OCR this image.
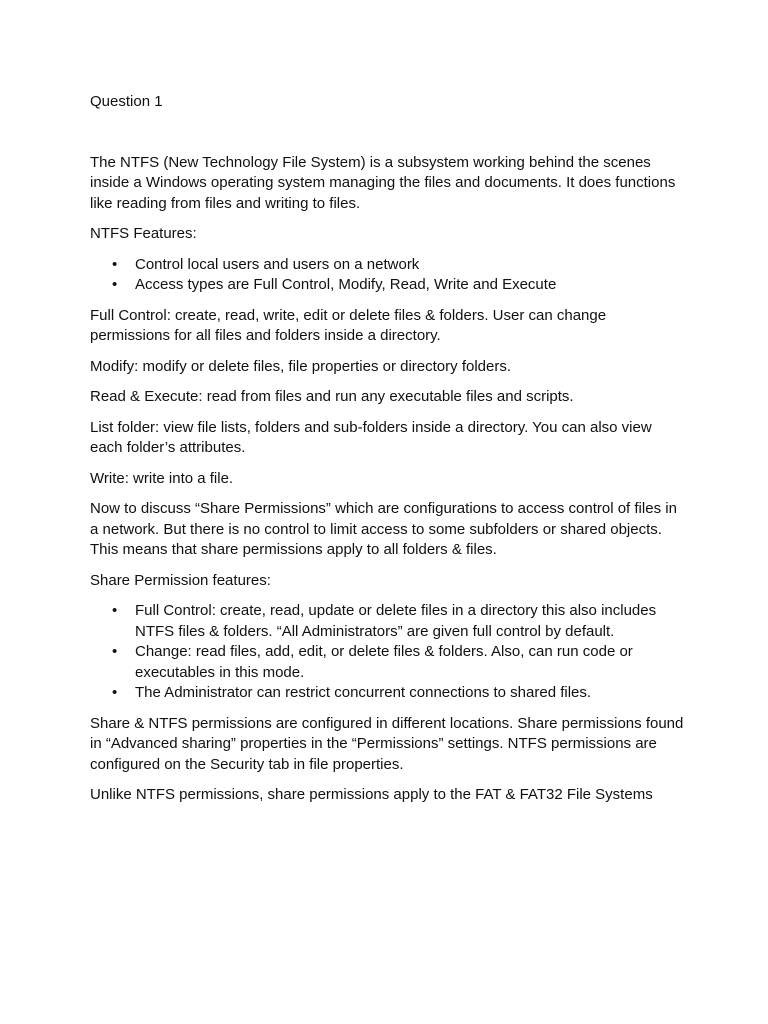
Question 1

The NTFS (New Technology File System) is a subsystem working behind the scenes inside a Windows operating system managing the files and documents. It does functions like reading from files and writing to files.

NTFS Features:

• Control local users and users on a network
• Access types are Full Control, Modify, Read, Write and Execute

Full Control: create, read, write, edit or delete files & folders. User can change permissions for all files and folders inside a directory.

Modify: modify or delete files, file properties or directory folders.

Read & Execute: read from files and run any executable files and scripts.

List folder: view file lists, folders and sub-folders inside a directory. You can also view each folder’s attributes.

Write: write into a file.

Now to discuss “Share Permissions” which are configurations to access control of files in a network. But there is no control to limit access to some subfolders or shared objects. This means that share permissions apply to all folders & files.

Share Permission features:

• Full Control: create, read, update or delete files in a directory this also includes NTFS files & folders. “All Administrators” are given full control by default.
• Change: read files, add, edit, or delete files & folders. Also, can run code or executables in this mode.
• The Administrator can restrict concurrent connections to shared files.

Share & NTFS permissions are configured in different locations. Share permissions found in “Advanced sharing” properties in the “Permissions” settings. NTFS permissions are configured on the Security tab in file properties.

Unlike NTFS permissions, share permissions apply to the FAT & FAT32 File Systems
